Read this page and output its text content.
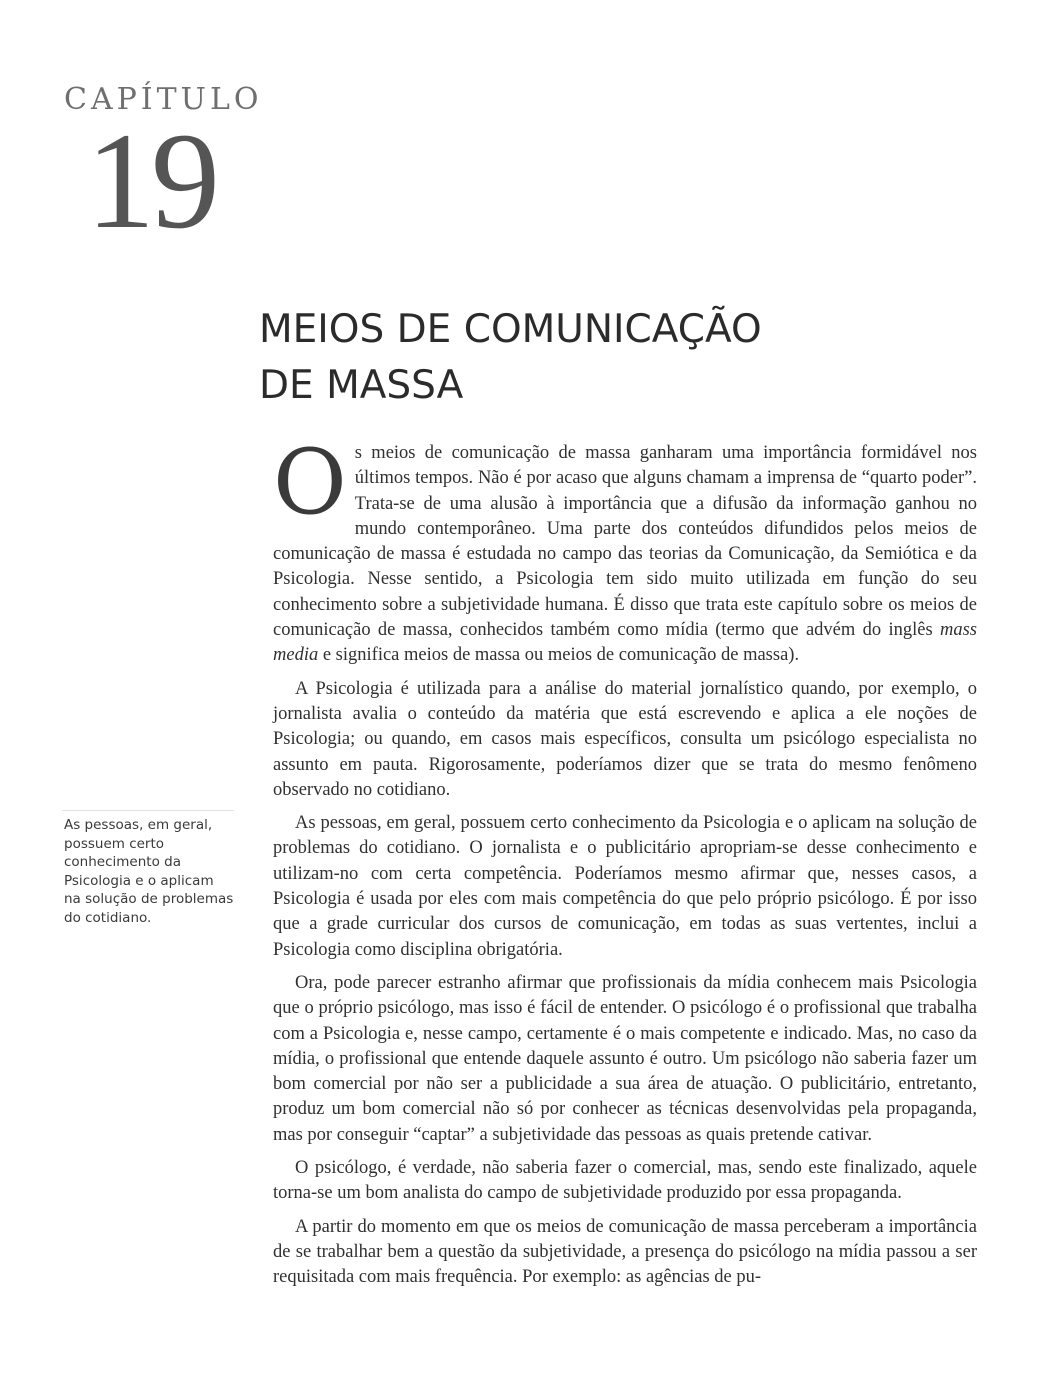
CAPÍTULO
19
MEIOS DE COMUNICAÇÃO
DE MASSA
As pessoas, em geral, possuem certo conhecimento da Psicologia e o aplicam na solução de problemas do cotidiano.

Os meios de comunicação de massa ganharam uma importância formidável nos últimos tempos. Não é por acaso que alguns chamam a imprensa de “quarto poder”. Trata-se de uma alusão à importância que a difusão da informação ganhou no mundo contemporâneo. Uma parte dos conteúdos difundidos pelos meios de comunicação de massa é estudada no campo das teorias da Comunicação, da Semiótica e da Psicologia. Nesse sentido, a Psicologia tem sido muito utilizada em função do seu conhecimento sobre a subjetividade humana. É disso que trata este capítulo sobre os meios de comunicação de massa, conhecidos também como mídia (termo que advém do inglês mass media e significa meios de massa ou meios de comunicação de massa).

A Psicologia é utilizada para a análise do material jornalístico quando, por exemplo, o jornalista avalia o conteúdo da matéria que está escrevendo e aplica a ele noções de Psicologia; ou quando, em casos mais específicos, consulta um psicólogo especialista no assunto em pauta. Rigorosamente, poderíamos dizer que se trata do mesmo fenômeno observado no cotidiano.

As pessoas, em geral, possuem certo conhecimento da Psicologia e o aplicam na solução de problemas do cotidiano. O jornalista e o publicitário apropriam-se desse conhecimento e utilizam-no com certa competência. Poderíamos mesmo afirmar que, nesses casos, a Psicologia é usada por eles com mais competência do que pelo próprio psicólogo. É por isso que a grade curricular dos cursos de comunicação, em todas as suas vertentes, inclui a Psicologia como disciplina obrigatória.

Ora, pode parecer estranho afirmar que profissionais da mídia conhecem mais Psicologia que o próprio psicólogo, mas isso é fácil de entender. O psicólogo é o profissional que trabalha com a Psicologia e, nesse campo, certamente é o mais competente e indicado. Mas, no caso da mídia, o profissional que entende daquele assunto é outro. Um psicólogo não saberia fazer um bom comercial por não ser a publicidade a sua área de atuação. O publicitário, entretanto, produz um bom comercial não só por conhecer as técnicas desenvolvidas pela propaganda, mas por conseguir “captar” a subjetividade das pessoas as quais pretende cativar.

O psicólogo, é verdade, não saberia fazer o comercial, mas, sendo este finalizado, aquele torna-se um bom analista do campo de subjetividade produzido por essa propaganda.

A partir do momento em que os meios de comunicação de massa perceberam a importância de se trabalhar bem a questão da subjetividade, a presença do psicólogo na mídia passou a ser requisitada com mais frequência. Por exemplo: as agências de pu-
